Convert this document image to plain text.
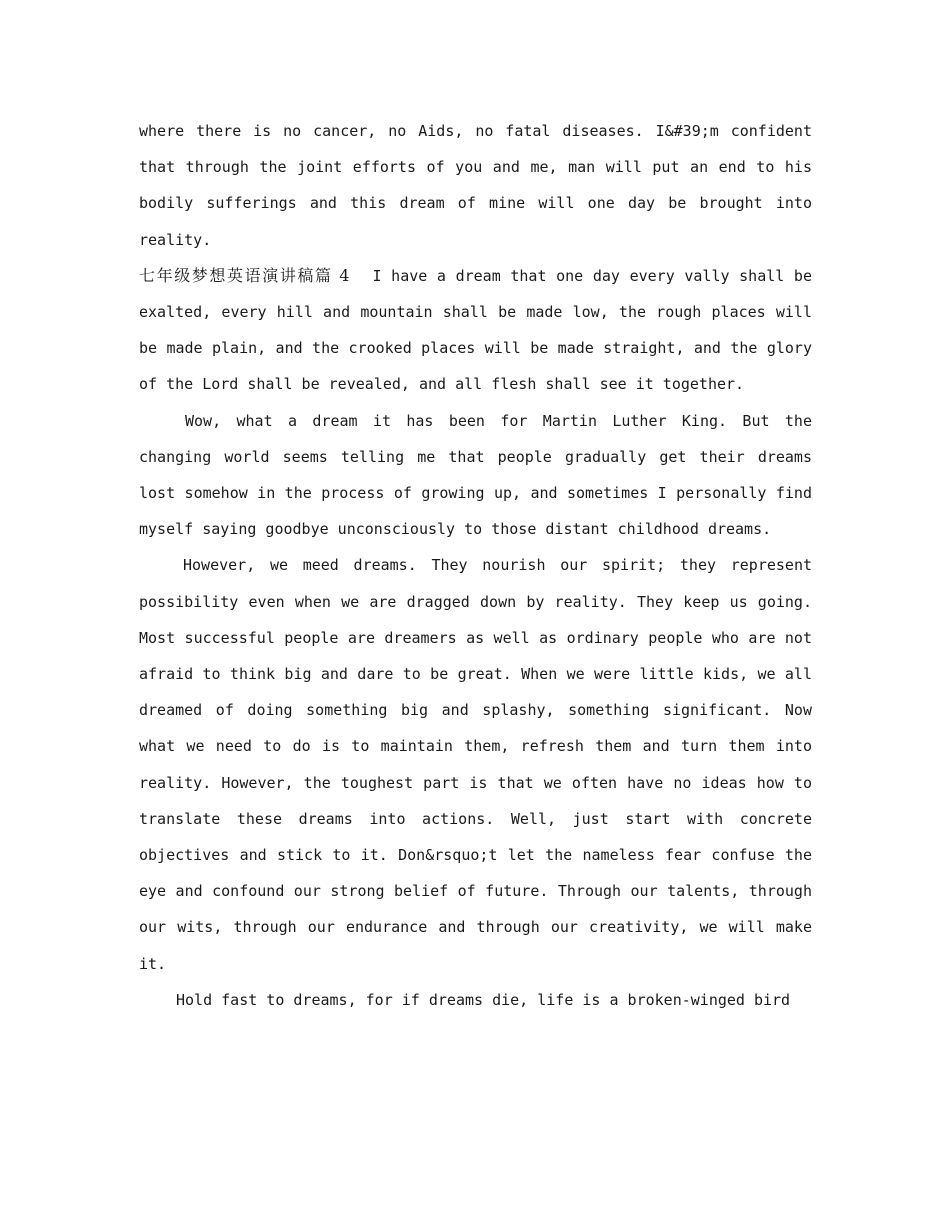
where there is no cancer, no Aids, no fatal diseases. I&#39;m confident that through the joint efforts of you and me, man will put an end to his bodily sufferings and this dream of mine will one day be brought into reality.

七年级梦想英语演讲稿篇 4 I have a dream that one day every vally shall be exalted, every hill and mountain shall be made low, the rough places will be made plain, and the crooked places will be made straight, and the glory of the Lord shall be revealed, and all flesh shall see it together.

Wow, what a dream it has been for Martin Luther King. But the changing world seems telling me that people gradually get their dreams lost somehow in the process of growing up, and sometimes I personally find myself saying goodbye unconsciously to those distant childhood dreams.

However, we meed dreams. They nourish our spirit; they represent possibility even when we are dragged down by reality. They keep us going. Most successful people are dreamers as well as ordinary people who are not afraid to think big and dare to be great. When we were little kids, we all dreamed of doing something big and splashy, something significant. Now what we need to do is to maintain them, refresh them and turn them into reality. However, the toughest part is that we often have no ideas how to translate these dreams into actions. Well, just start with concrete objectives and stick to it. Don&rsquo;t let the nameless fear confuse the eye and confound our strong belief of future. Through our talents, through our wits, through our endurance and through our creativity, we will make it.

Hold fast to dreams, for if dreams die, life is a broken-winged bird
